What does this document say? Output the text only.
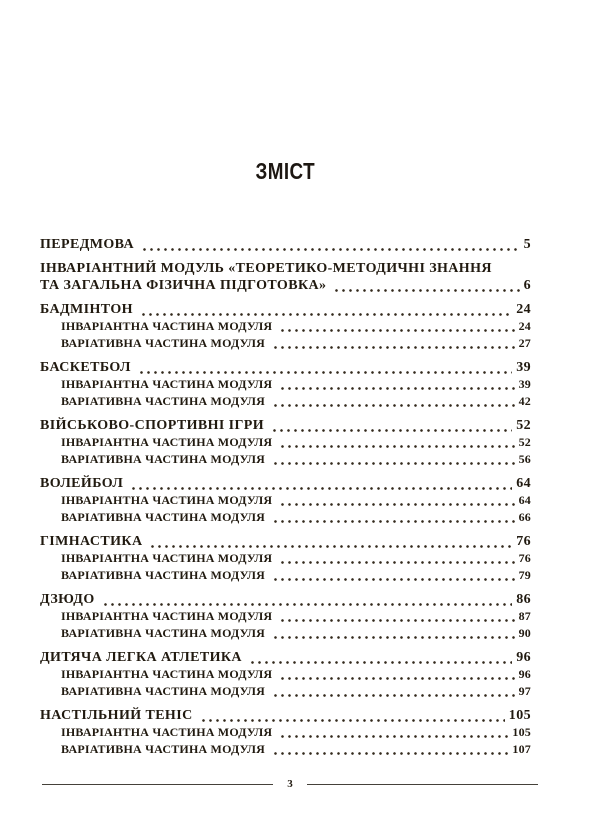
ЗМІСТ
ПЕРЕДМОВА	5
ІНВАРІАНТНИЙ МОДУЛЬ «ТЕОРЕТИКО-МЕТОДИЧНІ ЗНАННЯ
ТА ЗАГАЛЬНА ФІЗИЧНА ПІДГОТОВКА»	6
БАДМІНТОН	24
ІНВАРІАНТНА ЧАСТИНА МОДУЛЯ	24
ВАРІАТИВНА ЧАСТИНА МОДУЛЯ	27
БАСКЕТБОЛ	39
ІНВАРІАНТНА ЧАСТИНА МОДУЛЯ	39
ВАРІАТИВНА ЧАСТИНА МОДУЛЯ	42
ВІЙСЬКОВО-СПОРТИВНІ ІГРИ	52
ІНВАРІАНТНА ЧАСТИНА МОДУЛЯ	52
ВАРІАТИВНА ЧАСТИНА МОДУЛЯ	56
ВОЛЕЙБОЛ	64
ІНВАРІАНТНА ЧАСТИНА МОДУЛЯ	64
ВАРІАТИВНА ЧАСТИНА МОДУЛЯ	66
ГІМНАСТИКА	76
ІНВАРІАНТНА ЧАСТИНА МОДУЛЯ	76
ВАРІАТИВНА ЧАСТИНА МОДУЛЯ	79
ДЗЮДО	86
ІНВАРІАНТНА ЧАСТИНА МОДУЛЯ	87
ВАРІАТИВНА ЧАСТИНА МОДУЛЯ	90
ДИТЯЧА ЛЕГКА АТЛЕТИКА	96
ІНВАРІАНТНА ЧАСТИНА МОДУЛЯ	96
ВАРІАТИВНА ЧАСТИНА МОДУЛЯ	97
НАСТІЛЬНИЙ ТЕНІС	105
ІНВАРІАНТНА ЧАСТИНА МОДУЛЯ	105
ВАРІАТИВНА ЧАСТИНА МОДУЛЯ	107
3
